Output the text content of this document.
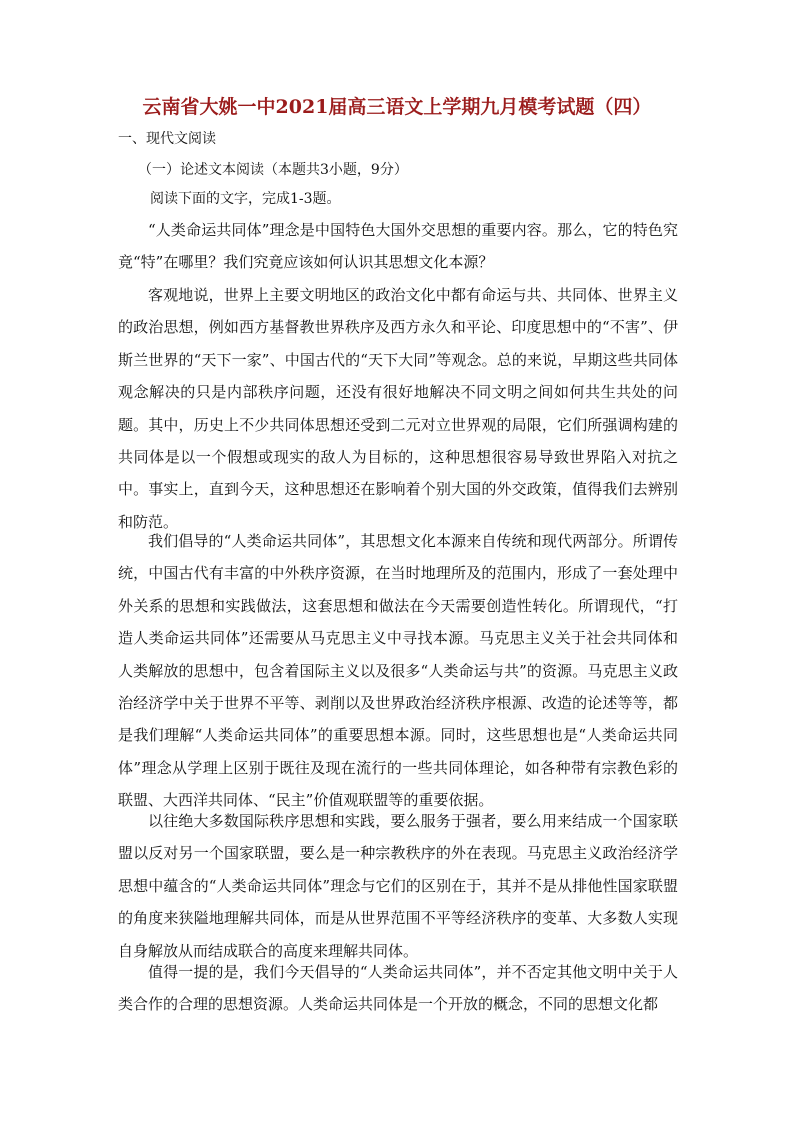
云南省大姚一中2021届高三语文上学期九月模考试题（四）
一、现代文阅读
（一）论述文本阅读（本题共3小题，9分）
阅读下面的文字，完成1-3题。

“人类命运共同体”理念是中国特色大国外交思想的重要内容。那么，它的特色究竟“特”在哪里？我们究竟应该如何认识其思想文化本源？

客观地说，世界上主要文明地区的政治文化中都有命运与共、共同体、世界主义的政治思想，例如西方基督教世界秩序及西方永久和平论、印度思想中的“不害”、伊斯兰世界的“天下一家”、中国古代的“天下大同”等观念。总的来说，早期这些共同体观念解决的只是内部秩序问题，还没有很好地解决不同文明之间如何共生共处的问题。其中，历史上不少共同体思想还受到二元对立世界观的局限，它们所强调构建的共同体是以一个假想或现实的敌人为目标的，这种思想很容易导致世界陷入对抗之中。事实上，直到今天，这种思想还在影响着个别大国的外交政策，值得我们去辨别和防范。

我们倡导的“人类命运共同体”，其思想文化本源来自传统和现代两部分。所谓传统，中国古代有丰富的中外秩序资源，在当时地理所及的范围内，形成了一套处理中外关系的思想和实践做法，这套思想和做法在今天需要创造性转化。所谓现代，“打造人类命运共同体”还需要从马克思主义中寻找本源。马克思主义关于社会共同体和人类解放的思想中，包含着国际主义以及很多“人类命运与共”的资源。马克思主义政治经济学中关于世界不平等、剥削以及世界政治经济秩序根源、改造的论述等等，都是我们理解“人类命运共同体”的重要思想本源。同时，这些思想也是“人类命运共同体”理念从学理上区别于既往及现在流行的一些共同体理论，如各种带有宗教色彩的联盟、大西洋共同体、“民主”价值观联盟等的重要依据。

以往绝大多数国际秩序思想和实践，要么服务于强者，要么用来结成一个国家联盟以反对另一个国家联盟，要么是一种宗教秩序的外在表现。马克思主义政治经济学思想中蕴含的“人类命运共同体”理念与它们的区别在于，其并不是从排他性国家联盟的角度来狭隘地理解共同体，而是从世界范围不平等经济秩序的变革、大多数人实现自身解放从而结成联合的高度来理解共同体。

值得一提的是，我们今天倡导的“人类命运共同体”，并不否定其他文明中关于人类合作的合理的思想资源。人类命运共同体是一个开放的概念，不同的思想文化都
